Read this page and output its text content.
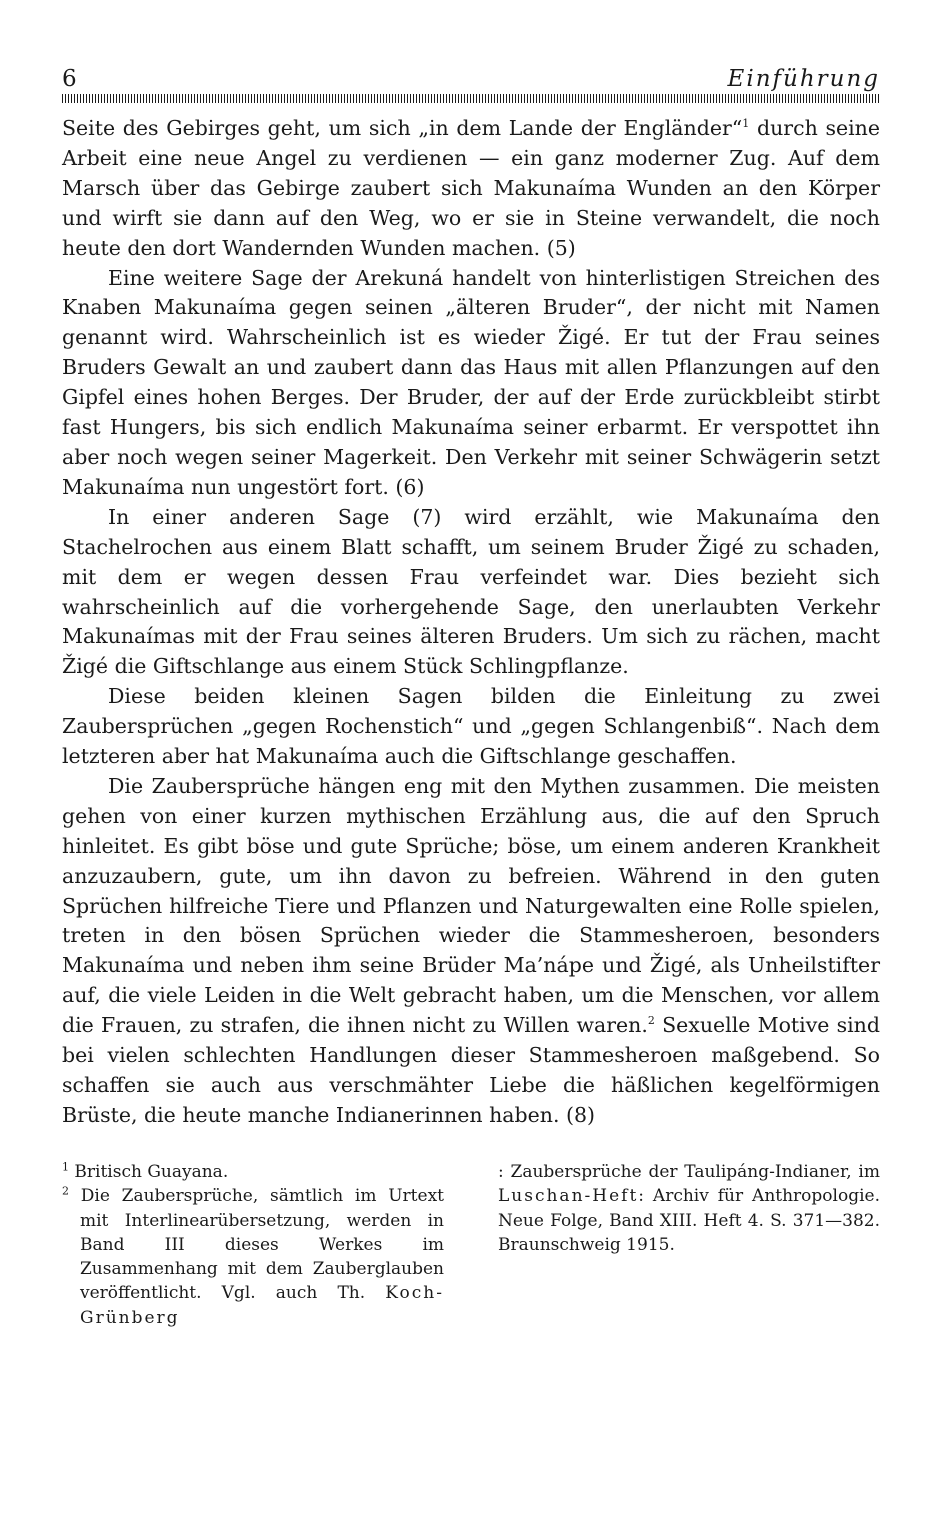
6	Einführung

Seite des Gebirges geht, um sich „in dem Lande der Engländer“$^1$ durch seine Arbeit eine neue Angel zu verdienen — ein ganz moderner Zug. Auf dem Marsch über das Gebirge zaubert sich Makunaíma Wunden an den Körper und wirft sie dann auf den Weg, wo er sie in Steine verwandelt, die noch heute den dort Wandernden Wunden machen. (5)

Eine weitere Sage der Arekuná handelt von hinterlistigen Streichen des Knaben Makunaíma gegen seinen „älteren Bruder“, der nicht mit Namen genannt wird. Wahrscheinlich ist es wieder Žigé. Er tut der Frau seines Bruders Gewalt an und zaubert dann das Haus mit allen Pflanzungen auf den Gipfel eines hohen Berges. Der Bruder, der auf der Erde zurückbleibt stirbt fast Hungers, bis sich endlich Makunaíma seiner erbarmt. Er verspottet ihn aber noch wegen seiner Magerkeit. Den Verkehr mit seiner Schwägerin setzt Makunaíma nun ungestört fort. (6)

In einer anderen Sage (7) wird erzählt, wie Makunaíma den Stachelrochen aus einem Blatt schafft, um seinem Bruder Žigé zu schaden, mit dem er wegen dessen Frau verfeindet war. Dies bezieht sich wahrscheinlich auf die vorhergehende Sage, den unerlaubten Verkehr Makunaímas mit der Frau seines älteren Bruders. Um sich zu rächen, macht Žigé die Giftschlange aus einem Stück Schlingpflanze.

Diese beiden kleinen Sagen bilden die Einleitung zu zwei Zaubersprüchen „gegen Rochenstich“ und „gegen Schlangenbiß“. Nach dem letzteren aber hat Makunaíma auch die Giftschlange geschaffen.

Die Zaubersprüche hängen eng mit den Mythen zusammen. Die meisten gehen von einer kurzen mythischen Erzählung aus, die auf den Spruch hinleitet. Es gibt böse und gute Sprüche; böse, um einem anderen Krankheit anzuzaubern, gute, um ihn davon zu befreien. Während in den guten Sprüchen hilfreiche Tiere und Pflanzen und Naturgewalten eine Rolle spielen, treten in den bösen Sprüchen wieder die Stammesheroen, besonders Makunaíma und neben ihm seine Brüder Ma’nápe und Žigé, als Unheilstifter auf, die viele Leiden in die Welt gebracht haben, um die Menschen, vor allem die Frauen, zu strafen, die ihnen nicht zu Willen waren.$^2$ Sexuelle Motive sind bei vielen schlechten Handlungen dieser Stammesheroen maßgebend. So schaffen sie auch aus verschmähter Liebe die häßlichen kegelförmigen Brüste, die heute manche Indianerinnen haben. (8)

$^1$ Britisch Guayana.

$^2$ Die Zaubersprüche, sämtlich im Urtext mit Interlinearübersetzung, werden in Band III dieses Werkes im Zusammenhang mit dem Zauberglauben veröffentlicht. Vgl. auch Th. Koch-Grünberg

: Zaubersprüche der Taulipáng-Indianer, im Luschan-Heft: Archiv für Anthropologie. Neue Folge, Band XIII. Heft 4. S. 371—382. Braunschweig 1915.
